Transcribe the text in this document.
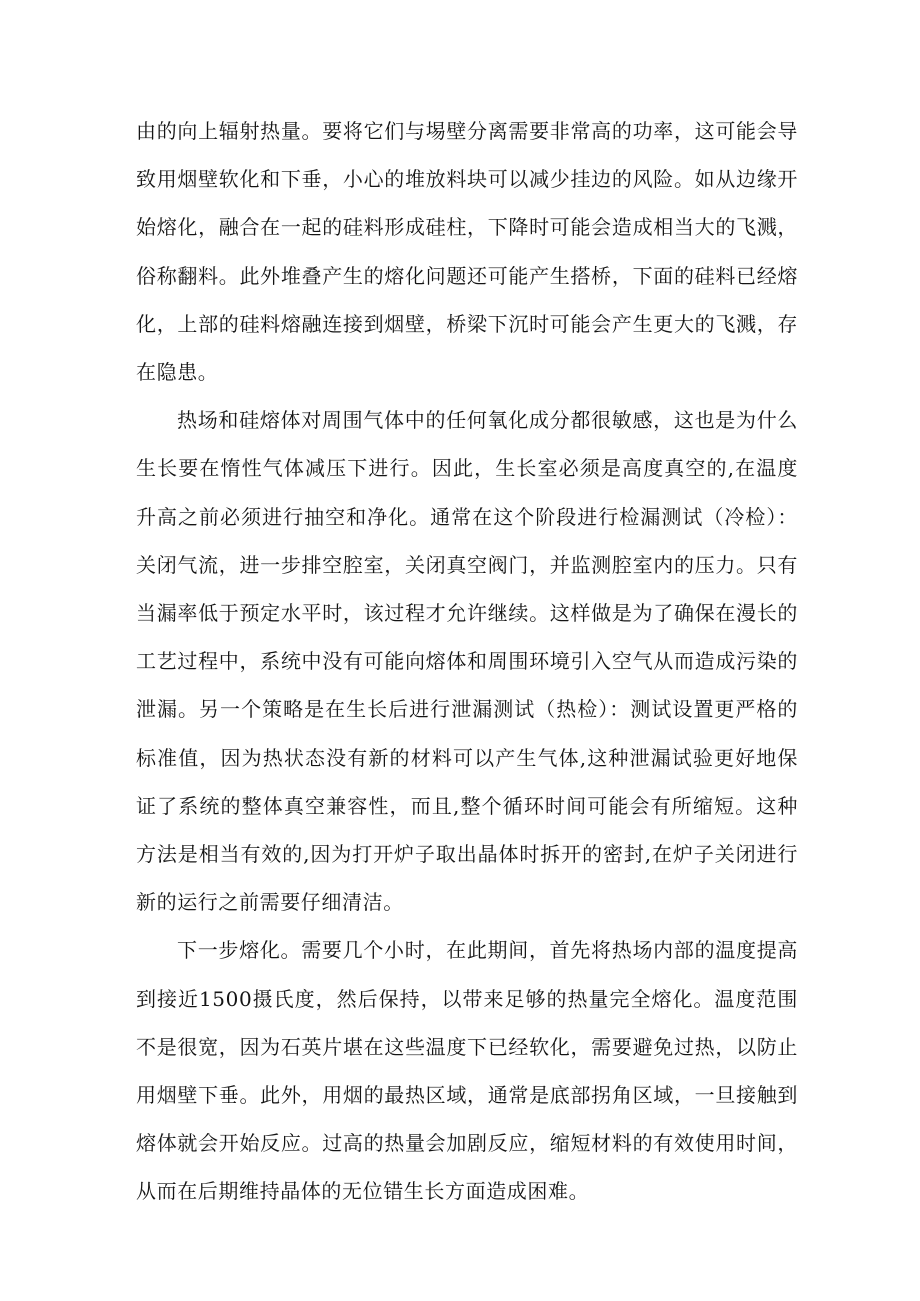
由的向上辐射热量。要将它们与埸壁分离需要非常高的功率，这可能会导致用烟壁软化和下垂，小心的堆放料块可以减少挂边的风险。如从边缘开始熔化，融合在一起的硅料形成硅柱，下降时可能会造成相当大的飞溅，俗称翻料。此外堆叠产生的熔化问题还可能产生搭桥，下面的硅料已经熔化，上部的硅料熔融连接到烟壁，桥梁下沉时可能会产生更大的飞溅，存在隐患。

热场和硅熔体对周围气体中的任何氧化成分都很敏感，这也是为什么生长要在惰性气体减压下进行。因此，生长室必须是高度真空的,在温度升高之前必须进行抽空和净化。通常在这个阶段进行检漏测试（冷检）：关闭气流，进一步排空腔室，关闭真空阀门，并监测腔室内的压力。只有当漏率低于预定水平时，该过程才允许继续。这样做是为了确保在漫长的工艺过程中，系统中没有可能向熔体和周围环境引入空气从而造成污染的泄漏。另一个策略是在生长后进行泄漏测试（热检）：测试设置更严格的标准值，因为热状态没有新的材料可以产生气体,这种泄漏试验更好地保证了系统的整体真空兼容性，而且,整个循环时间可能会有所缩短。这种方法是相当有效的,因为打开炉子取出晶体时拆开的密封,在炉子关闭进行新的运行之前需要仔细清洁。

下一步熔化。需要几个小时，在此期间，首先将热场内部的温度提高到接近1500摄氏度，然后保持，以带来足够的热量完全熔化。温度范围不是很宽，因为石英片堪在这些温度下已经软化，需要避免过热，以防止用烟壁下垂。此外，用烟的最热区域，通常是底部拐角区域，一旦接触到熔体就会开始反应。过高的热量会加剧反应，缩短材料的有效使用时间，从而在后期维持晶体的无位错生长方面造成困难。
